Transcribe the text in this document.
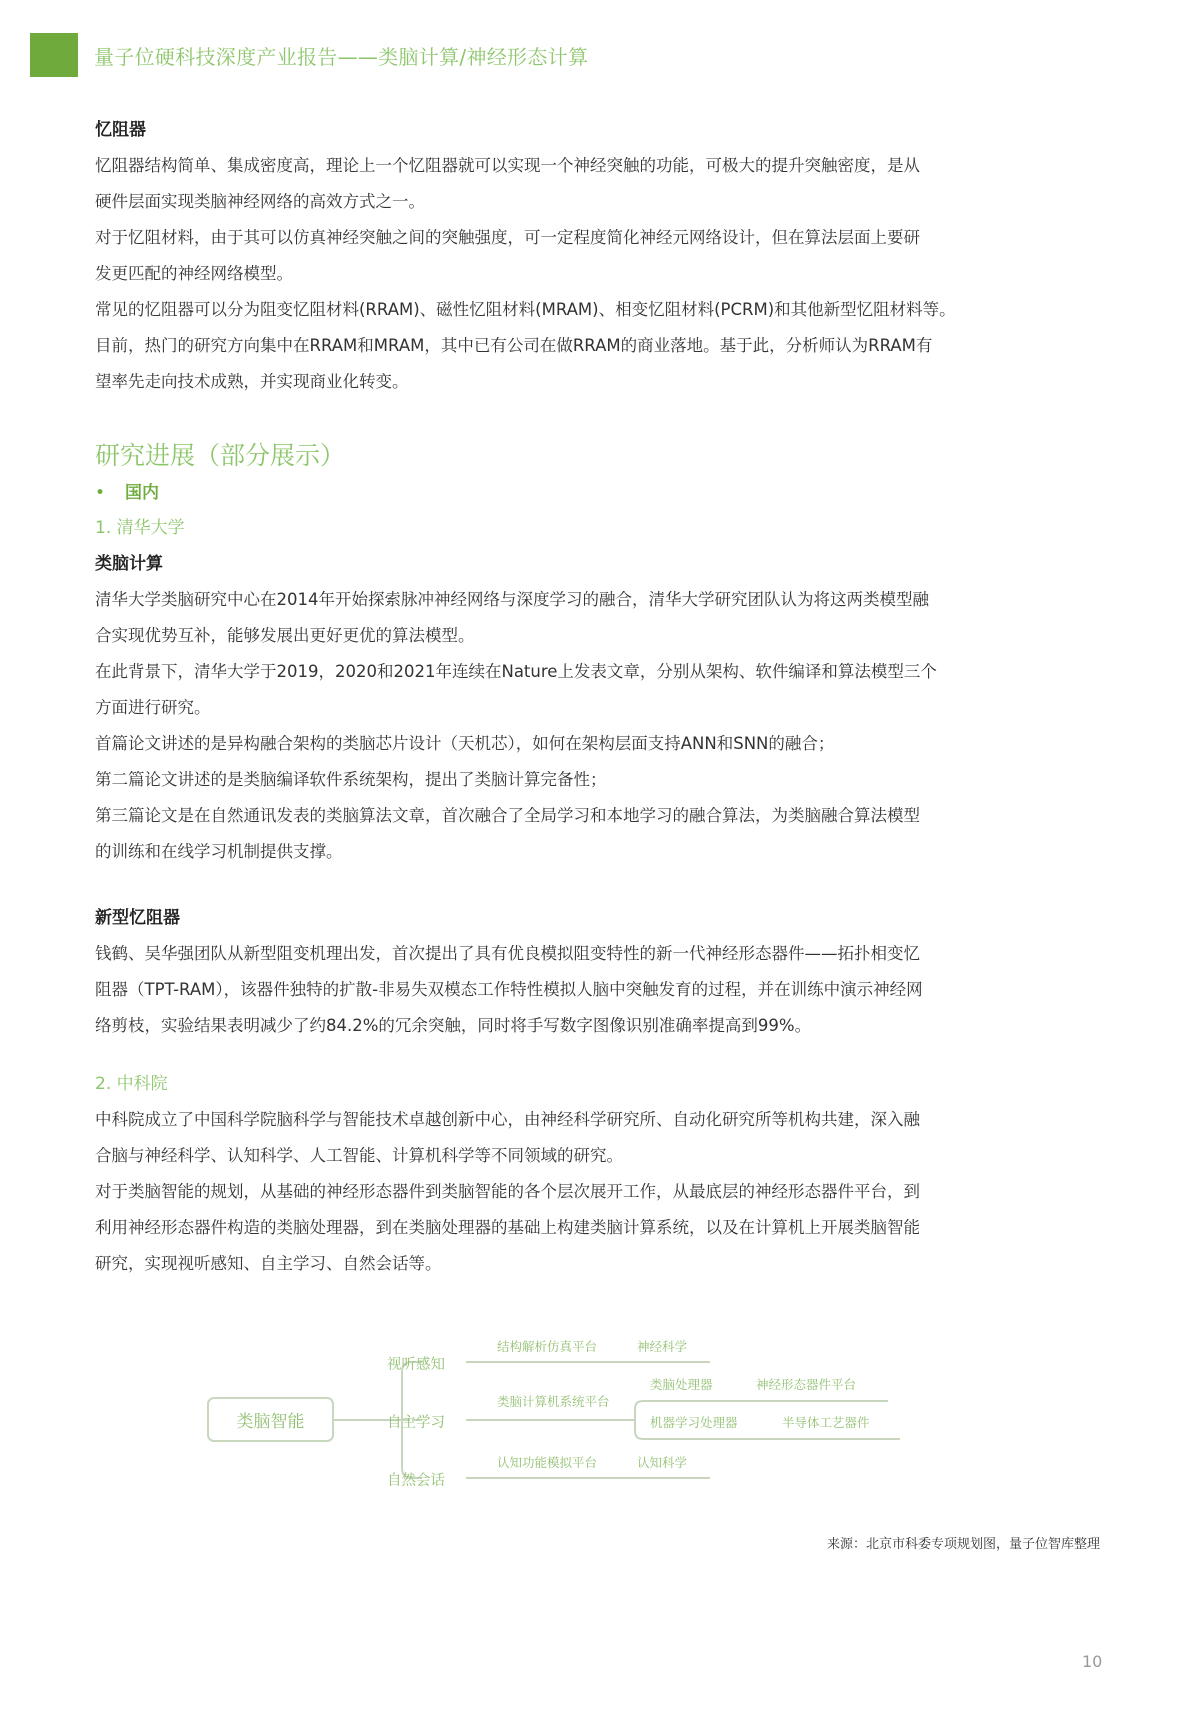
量子位硬科技深度产业报告——类脑计算/神经形态计算
忆阻器

忆阻器结构简单、集成密度高，理论上一个忆阻器就可以实现一个神经突触的功能，可极大的提升突触密度，是从

硬件层面实现类脑神经网络的高效方式之一。

对于忆阻材料，由于其可以仿真神经突触之间的突触强度，可一定程度简化神经元网络设计，但在算法层面上要研

发更匹配的神经网络模型。

常见的忆阻器可以分为阻变忆阻材料(RRAM)、磁性忆阻材料(MRAM)、相变忆阻材料(PCRM)和其他新型忆阻材料等。

目前，热门的研究方向集中在RRAM和MRAM，其中已有公司在做RRAM的商业落地。基于此，分析师认为RRAM有

望率先走向技术成熟，并实现商业化转变。

研究进展（部分展示）
• 国内
1. 清华大学
类脑计算

清华大学类脑研究中心在2014年开始探索脉冲神经网络与深度学习的融合，清华大学研究团队认为将这两类模型融

合实现优势互补，能够发展出更好更优的算法模型。

在此背景下，清华大学于2019，2020和2021年连续在Nature上发表文章，分别从架构、软件编译和算法模型三个

方面进行研究。

首篇论文讲述的是异构融合架构的类脑芯片设计（天机芯），如何在架构层面支持ANN和SNN的融合；

第二篇论文讲述的是类脑编译软件系统架构，提出了类脑计算完备性；

第三篇论文是在自然通讯发表的类脑算法文章，首次融合了全局学习和本地学习的融合算法，为类脑融合算法模型

的训练和在线学习机制提供支撑。

新型忆阻器

钱鹤、吴华强团队从新型阻变机理出发，首次提出了具有优良模拟阻变特性的新一代神经形态器件——拓扑相变忆

阻器（TPT-RAM），该器件独特的扩散-非易失双模态工作特性模拟人脑中突触发育的过程，并在训练中演示神经网

络剪枝，实验结果表明减少了约84.2%的冗余突触，同时将手写数字图像识别准确率提高到99%。

2. 中科院

中科院成立了中国科学院脑科学与智能技术卓越创新中心，由神经科学研究所、自动化研究所等机构共建，深入融

合脑与神经科学、认知科学、人工智能、计算机科学等不同领域的研究。

对于类脑智能的规划，从基础的神经形态器件到类脑智能的各个层次展开工作，从最底层的神经形态器件平台，到

利用神经形态器件构造的类脑处理器，到在类脑处理器的基础上构建类脑计算系统，以及在计算机上开展类脑智能

研究，实现视听感知、自主学习、自然会话等。

类脑智能
视听感知
自主学习
自然会话
结构解析仿真平台	神经科学
类脑计算机系统平台
类脑处理器	神经形态器件平台
机器学习处理器	半导体工艺器件
认知功能模拟平台	认知科学
来源：北京市科委专项规划图，量子位智库整理
10
